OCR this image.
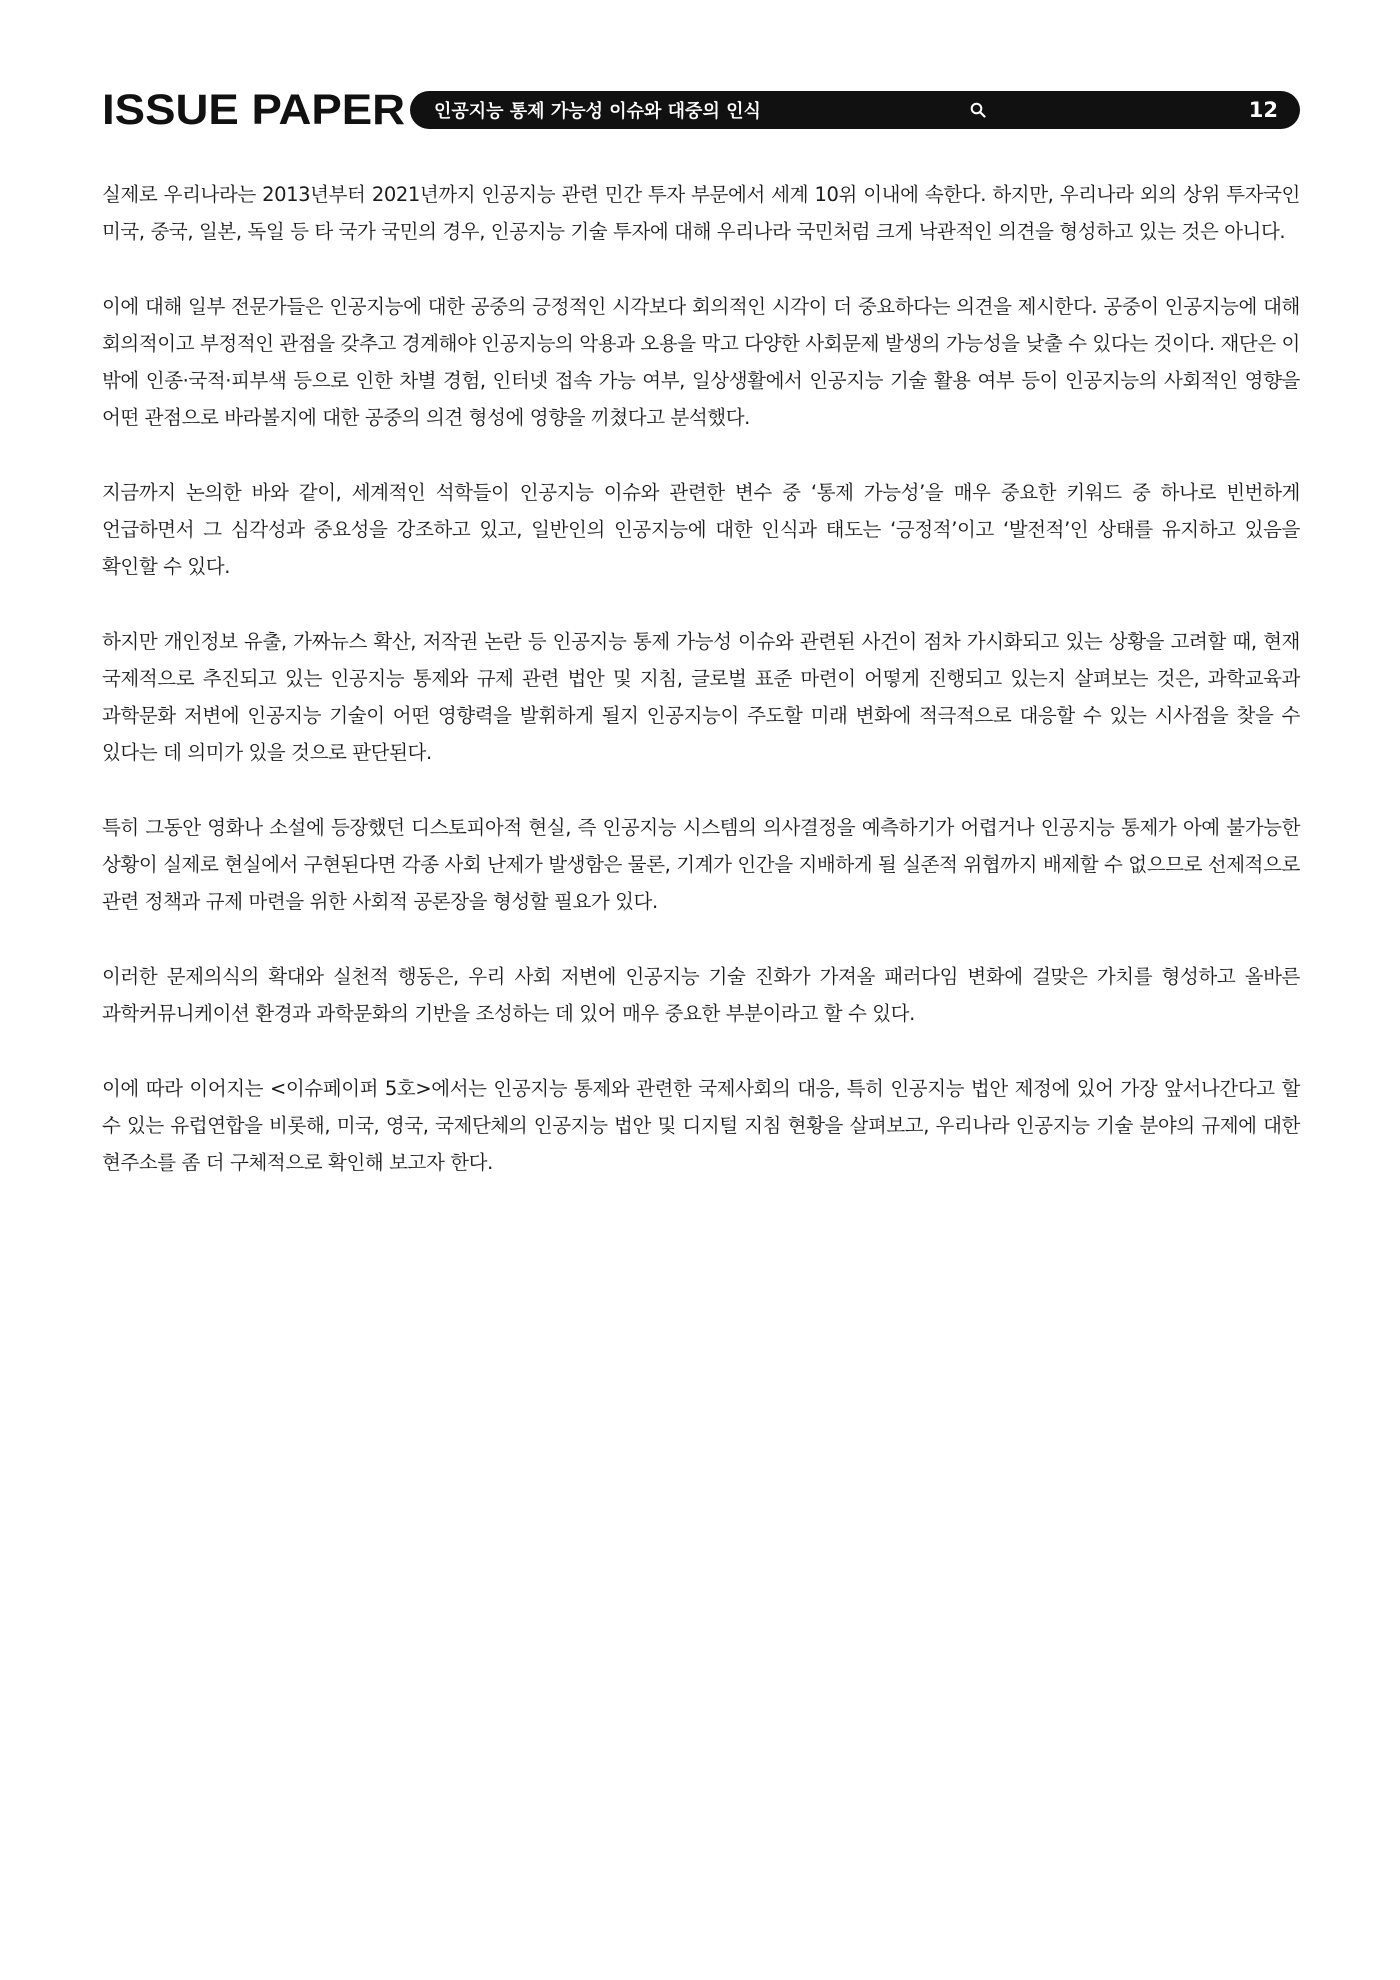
ISSUE PAPER	인공지능 통제 가능성 이슈와 대중의 인식	12

실제로 우리나라는 2013년부터 2021년까지 인공지능 관련 민간 투자 부문에서 세계 10위 이내에 속한다. 하지만, 우리나라 외의 상위 투자국인 미국, 중국, 일본, 독일 등 타 국가 국민의 경우, 인공지능 기술 투자에 대해 우리나라 국민처럼 크게 낙관적인 의견을 형성하고 있는 것은 아니다.

이에 대해 일부 전문가들은 인공지능에 대한 공중의 긍정적인 시각보다 회의적인 시각이 더 중요하다는 의견을 제시한다. 공중이 인공지능에 대해 회의적이고 부정적인 관점을 갖추고 경계해야 인공지능의 악용과 오용을 막고 다양한 사회문제 발생의 가능성을 낮출 수 있다는 것이다. 재단은 이 밖에 인종·국적·피부색 등으로 인한 차별 경험, 인터넷 접속 가능 여부, 일상생활에서 인공지능 기술 활용 여부 등이 인공지능의 사회적인 영향을 어떤 관점으로 바라볼지에 대한 공중의 의견 형성에 영향을 끼쳤다고 분석했다.

지금까지 논의한 바와 같이, 세계적인 석학들이 인공지능 이슈와 관련한 변수 중 ‘통제 가능성’을 매우 중요한 키워드 중 하나로 빈번하게 언급하면서 그 심각성과 중요성을 강조하고 있고, 일반인의 인공지능에 대한 인식과 태도는 ‘긍정적’이고 ‘발전적’인 상태를 유지하고 있음을 확인할 수 있다.

하지만 개인정보 유출, 가짜뉴스 확산, 저작권 논란 등 인공지능 통제 가능성 이슈와 관련된 사건이 점차 가시화되고 있는 상황을 고려할 때, 현재 국제적으로 추진되고 있는 인공지능 통제와 규제 관련 법안 및 지침, 글로벌 표준 마련이 어떻게 진행되고 있는지 살펴보는 것은, 과학교육과 과학문화 저변에 인공지능 기술이 어떤 영향력을 발휘하게 될지 인공지능이 주도할 미래 변화에 적극적으로 대응할 수 있는 시사점을 찾을 수 있다는 데 의미가 있을 것으로 판단된다.

특히 그동안 영화나 소설에 등장했던 디스토피아적 현실, 즉 인공지능 시스템의 의사결정을 예측하기가 어렵거나 인공지능 통제가 아예 불가능한 상황이 실제로 현실에서 구현된다면 각종 사회 난제가 발생함은 물론, 기계가 인간을 지배하게 될 실존적 위협까지 배제할 수 없으므로 선제적으로 관련 정책과 규제 마련을 위한 사회적 공론장을 형성할 필요가 있다.

이러한 문제의식의 확대와 실천적 행동은, 우리 사회 저변에 인공지능 기술 진화가 가져올 패러다임 변화에 걸맞은 가치를 형성하고 올바른 과학커뮤니케이션 환경과 과학문화의 기반을 조성하는 데 있어 매우 중요한 부분이라고 할 수 있다.

이에 따라 이어지는 <이슈페이퍼 5호>에서는 인공지능 통제와 관련한 국제사회의 대응, 특히 인공지능 법안 제정에 있어 가장 앞서나간다고 할 수 있는 유럽연합을 비롯해, 미국, 영국, 국제단체의 인공지능 법안 및 디지털 지침 현황을 살펴보고, 우리나라 인공지능 기술 분야의 규제에 대한 현주소를 좀 더 구체적으로 확인해 보고자 한다.
